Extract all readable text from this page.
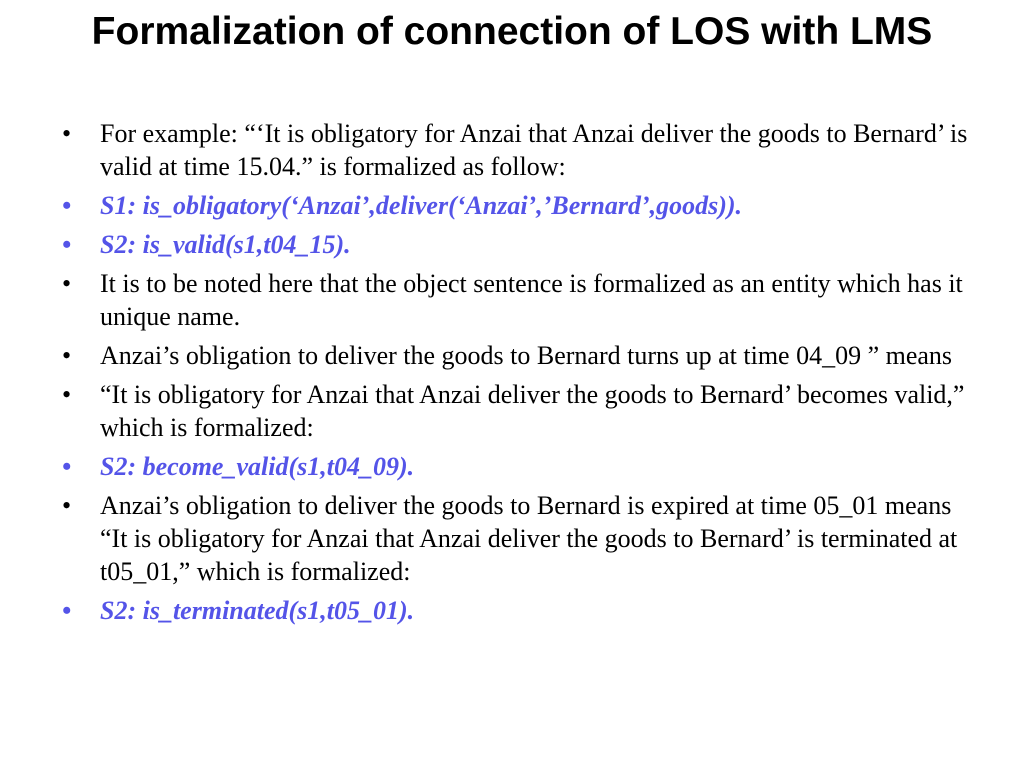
Formalization of connection of LOS with LMS
•	For example: “‘It is obligatory for Anzai that Anzai deliver the goods to Bernard’ is valid at time 15.04.” is formalized as follow:
•	S1: is_obligatory(‘Anzai’,deliver(‘Anzai’,’Bernard’,goods)).
•	S2: is_valid(s1,t04_15).
•	It is to be noted here that the object sentence is formalized as an entity which has it unique name.
•	Anzai’s obligation to deliver the goods to Bernard turns up at time 04_09 ” means
•	“It is obligatory for Anzai that Anzai deliver the goods to Bernard’ becomes valid,” which is formalized:
•	S2: become_valid(s1,t04_09).
•	Anzai’s obligation to deliver the goods to Bernard is expired at time 05_01 means “It is obligatory for Anzai that Anzai deliver the goods to Bernard’ is terminated at t05_01,” which is formalized:
•	S2: is_terminated(s1,t05_01).
